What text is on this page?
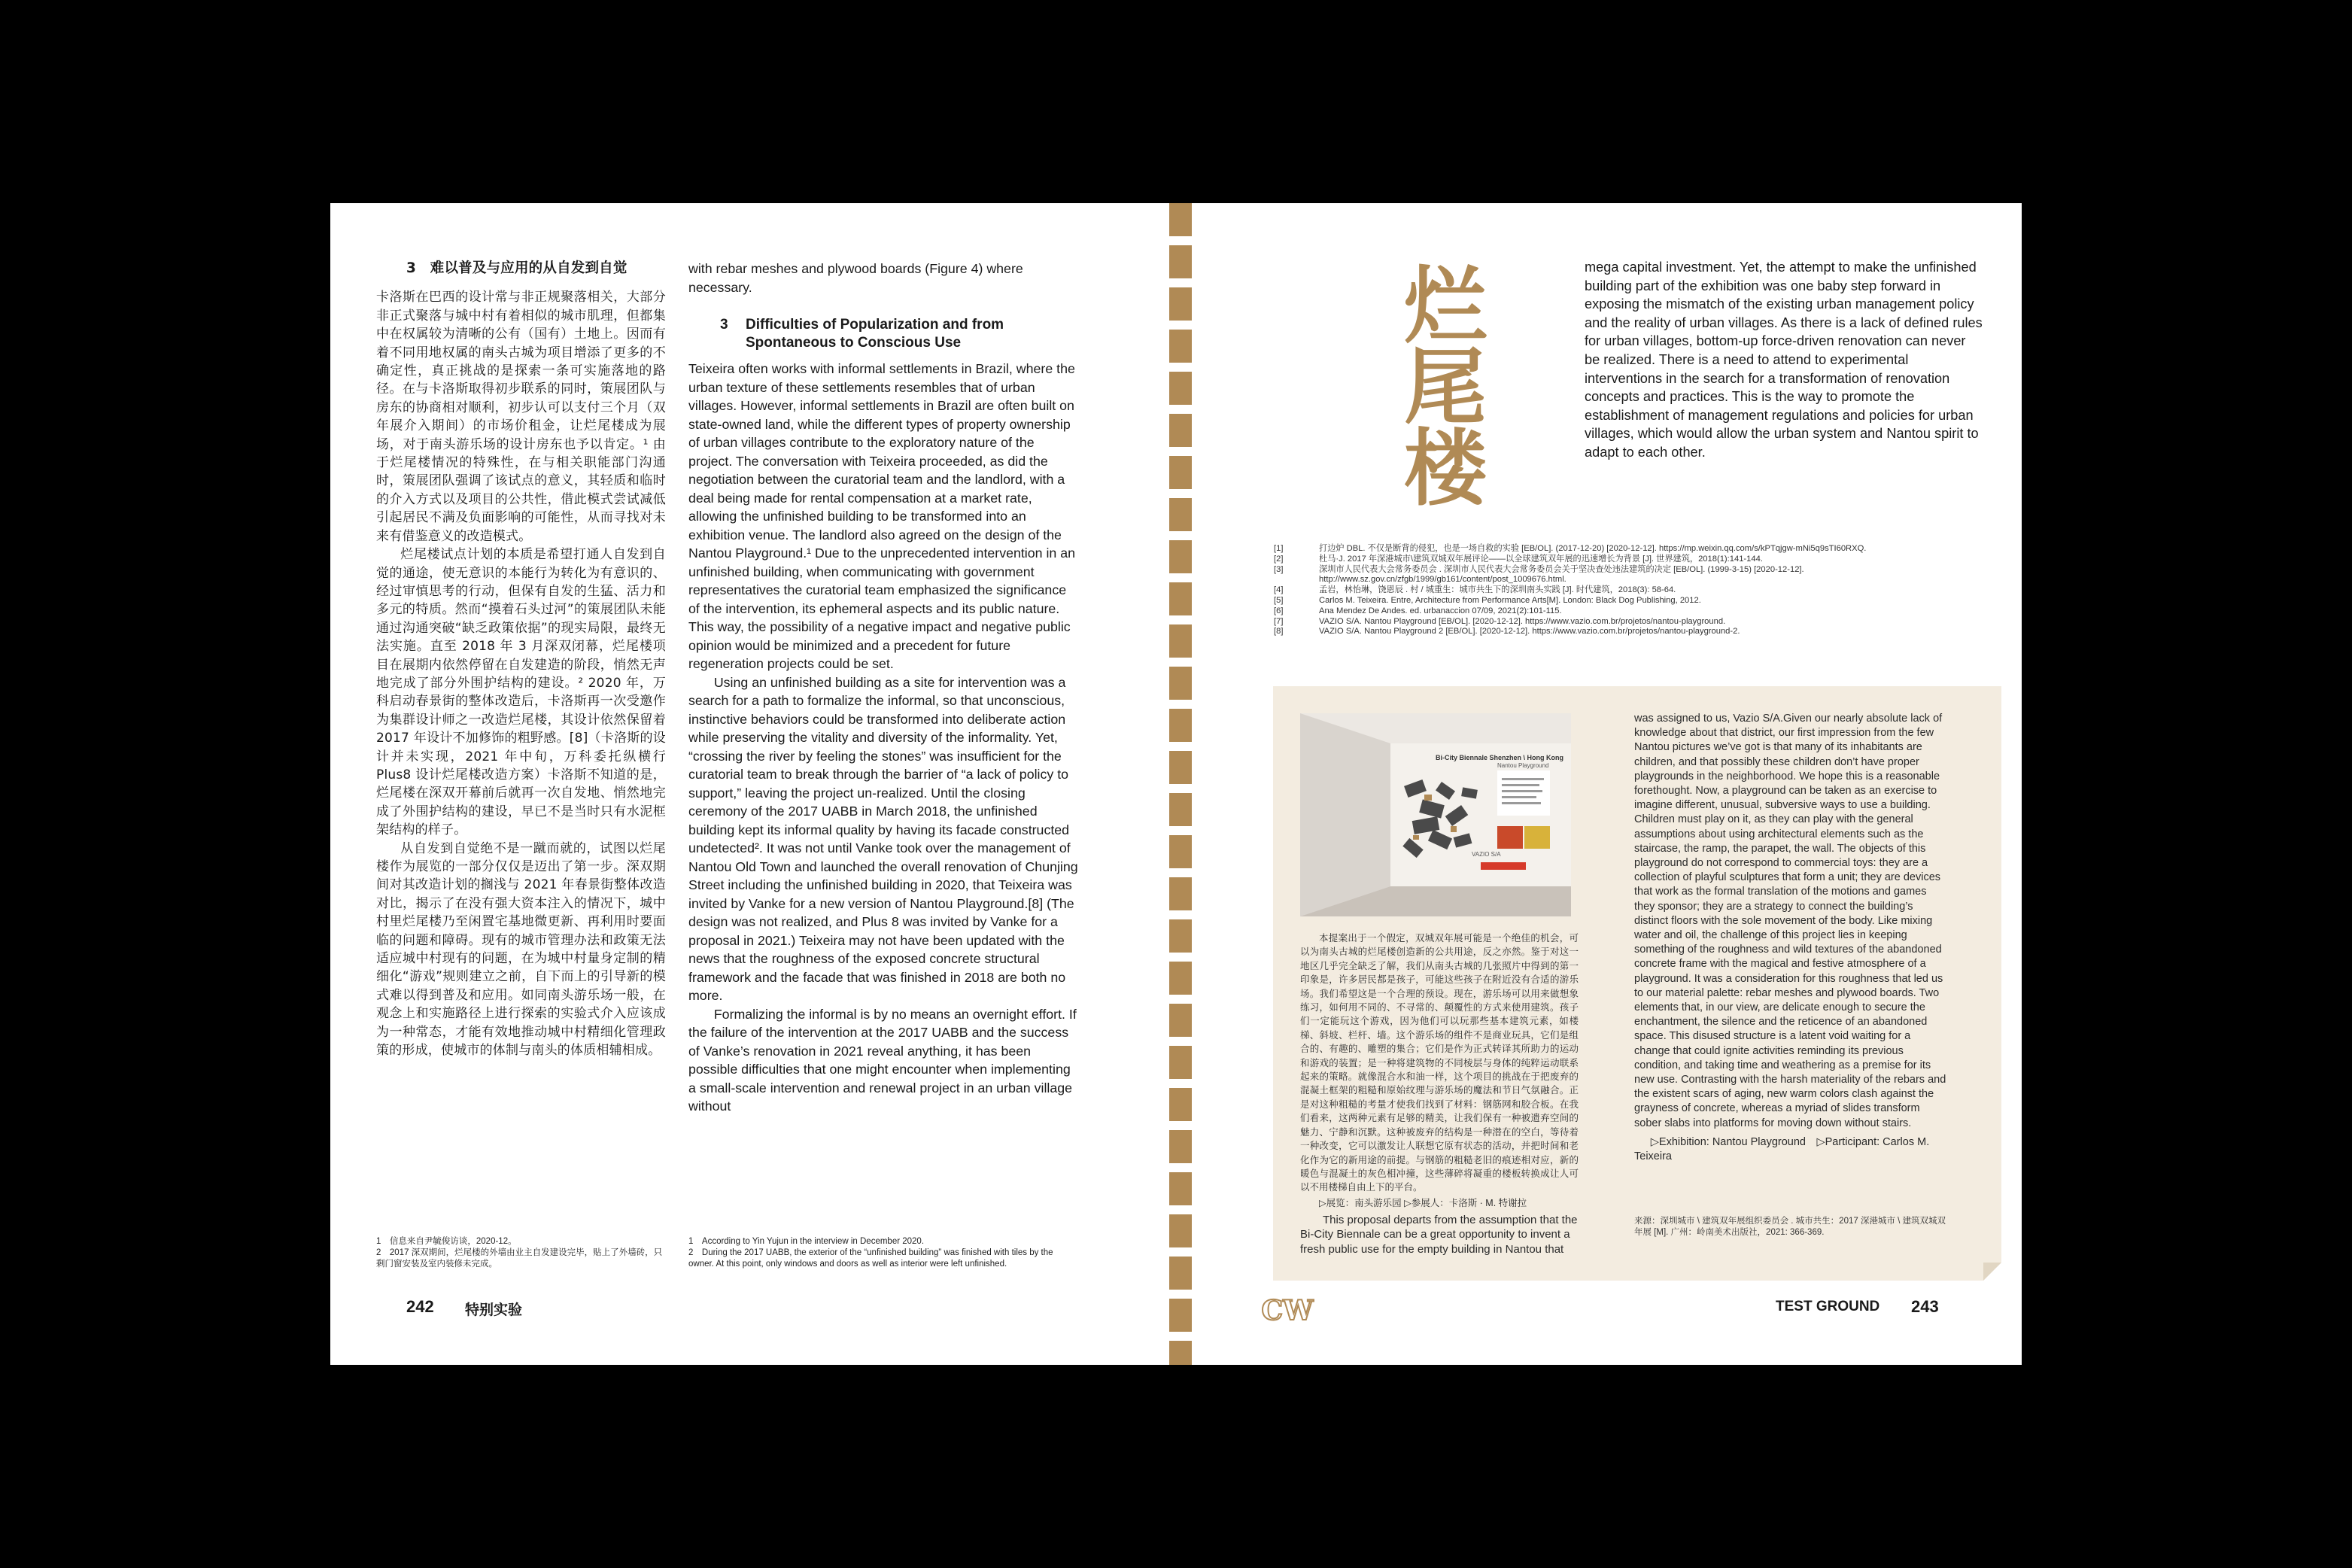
3　难以普及与应用的从自发到自觉

卡洛斯在巴西的设计常与非正规聚落相关，大部分非正式聚落与城中村有着相似的城市肌理，但都集中在权属较为清晰的公有（国有）土地上。因而有着不同用地权属的南头古城为项目增添了更多的不确定性，真正挑战的是探索一条可实施落地的路径。在与卡洛斯取得初步联系的同时，策展团队与房东的协商相对顺利，初步认可以支付三个月（双年展介入期间）的市场价租金，让烂尾楼成为展场，对于南头游乐场的设计房东也予以肯定。¹ 由于烂尾楼情况的特殊性，在与相关职能部门沟通时，策展团队强调了该试点的意义，其轻质和临时的介入方式以及项目的公共性，借此模式尝试减低引起居民不满及负面影响的可能性，从而寻找对未来有借鉴意义的改造模式。

烂尾楼试点计划的本质是希望打通人自发到自觉的通途，使无意识的本能行为转化为有意识的、经过审慎思考的行动，但保有自发的生猛、活力和多元的特质。然而“摸着石头过河”的策展团队未能通过沟通突破“缺乏政策依据”的现实局限，最终无法实施。直至 2018 年 3 月深双闭幕，烂尾楼项目在展期内依然停留在自发建造的阶段，悄然无声地完成了部分外围护结构的建设。² 2020 年，万科启动春景街的整体改造后，卡洛斯再一次受邀作为集群设计师之一改造烂尾楼，其设计依然保留着 2017 年设计不加修饰的粗野感。[8]（卡洛斯的设计并未实现，2021 年中旬，万科委托纵横行 Plus8 设计烂尾楼改造方案）卡洛斯不知道的是，烂尾楼在深双开幕前后就再一次自发地、悄然地完成了外围护结构的建设，早已不是当时只有水泥框架结构的样子。

从自发到自觉绝不是一蹴而就的，试图以烂尾楼作为展览的一部分仅仅是迈出了第一步。深双期间对其改造计划的搁浅与 2021 年春景街整体改造对比，揭示了在没有强大资本注入的情况下，城中村里烂尾楼乃至闲置宅基地微更新、再利用时要面临的问题和障碍。现有的城市管理办法和政策无法适应城中村现有的问题，在为城中村量身定制的精细化“游戏”规则建立之前，自下而上的引导新的模式难以得到普及和应用。如同南头游乐场一般，在观念上和实施路径上进行探索的实验式介入应该成为一种常态，才能有效地推动城中村精细化管理政策的形成，使城市的体制与南头的体质相辅相成。

with rebar meshes and plywood boards (Figure 4) where necessary.

3	Difficulties of Popularization and from Spontaneous to Conscious Use

Teixeira often works with informal settlements in Brazil, where the urban texture of these settlements resembles that of urban villages. However, informal settlements in Brazil are often built on state-owned land, while the different types of property ownership of urban villages contribute to the exploratory nature of the project. The conversation with Teixeira proceeded, as did the negotiation between the curatorial team and the landlord, with a deal being made for rental compensation at a market rate, allowing the unfinished building to be transformed into an exhibition venue. The landlord also agreed on the design of the Nantou Playground.¹ Due to the unprecedented intervention in an unfinished building, when communicating with government representatives the curatorial team emphasized the significance of the intervention, its ephemeral aspects and its public nature. This way, the possibility of a negative impact and negative public opinion would be minimized and a precedent for future regeneration projects could be set.

Using an unfinished building as a site for intervention was a search for a path to formalize the informal, so that unconscious, instinctive behaviors could be transformed into deliberate action while preserving the vitality and diversity of the informality. Yet, “crossing the river by feeling the stones” was insufficient for the curatorial team to break through the barrier of “a lack of policy to support,” leaving the project un-realized. Until the closing ceremony of the 2017 UABB in March 2018, the unfinished building kept its informal quality by having its facade constructed undetected². It was not until Vanke took over the management of Nantou Old Town and launched the overall renovation of Chunjing Street including the unfinished building in 2020, that Teixeira was invited by Vanke for a new version of Nantou Playground.[8] (The design was not realized, and Plus 8 was invited by Vanke for a proposal in 2021.) Teixeira may not have been updated with the news that the roughness of the exposed concrete structural framework and the facade that was finished in 2018 are both no more.

Formalizing the informal is by no means an overnight effort. If the failure of the intervention at the 2017 UABB and the success of Vanke’s renovation in 2021 reveal anything, it has been possible difficulties that one might encounter when implementing a small-scale intervention and renewal project in an urban village without

1　信息来自尹毓俊访谈，2020-12。
2　2017 深双期间，烂尾楼的外墙由业主自发建设完毕，贴上了外墙砖，只剩门窗安装及室内装修未完成。
1　According to Yin Yujun in the interview in December 2020.
2　During the 2017 UABB, the exterior of the “unfinished building” was finished with tiles by the owner. At this point, only windows and doors as well as interior were left unfinished.
242 特别实验
烂
尾
楼
mega capital investment. Yet, the attempt to make the unfinished building part of the exhibition was one baby step forward in exposing the mismatch of the existing urban management policy and the reality of urban villages. As there is a lack of defined rules for urban villages, bottom-up force-driven renovation can never be realized. There is a need to attend to experimental interventions in the search for a transformation of renovation concepts and practices. This is the way to promote the establishment of management regulations and policies for urban villages, which would allow the urban system and Nantou spirit to adapt to each other.
[1]	打边炉 DBL. 不仅是断背的侵犯，也是一场自救的实验 [EB/OL]. (2017-12-20) [2020-12-12]. https://mp.weixin.qq.com/s/kPTqjgw-mNi5q9sTI60RXQ.
[2]	杜马·J. 2017 年深港城市\建筑双城双年展评论——以全球建筑双年展的迅速增长为背景 [J]. 世界建筑，2018(1):141-144.
[3]	深圳市人民代表大会常务委员会 . 深圳市人民代表大会常务委员会关于坚决查处违法建筑的决定 [EB/OL]. (1999-3-15) [2020-12-12]. http://www.sz.gov.cn/zfgb/1999/gb161/content/post_1009676.html.
[4]	孟岩，林怡琳，饶恩辰 . 村 / 城重生：城市共生下的深圳南头实践 [J]. 时代建筑，2018(3): 58-64.
[5]	Carlos M. Teixeira. Entre, Architecture from Performance Arts[M]. London: Black Dog Publishing, 2012.
[6]	Ana Mendez De Andes. ed. urbanaccion 07/09, 2021(2):101-115.
[7]	VAZIO S/A. Nantou Playground [EB/OL]. [2020-12-12]. https://www.vazio.com.br/projetos/nantou-playground.
[8]	VAZIO S/A. Nantou Playground 2 [EB/OL]. [2020-12-12]. https://www.vazio.com.br/projetos/nantou-playground-2.
Bi-City Biennale Shenzhen \ Hong Kong
Nantou Playground
VAZIO S/A
本提案出于一个假定，双城双年展可能是一个绝佳的机会，可以为南头古城的烂尾楼创造新的公共用途，反之亦然。鉴于对这一地区几乎完全缺乏了解，我们从南头古城的几张照片中得到的第一印象是，许多居民都是孩子，可能这些孩子在附近没有合适的游乐场。我们希望这是一个合理的预设。现在，游乐场可以用来做想象练习，如何用不同的、不寻常的、颠覆性的方式来使用建筑。孩子们一定能玩这个游戏，因为他们可以玩那些基本建筑元素，如楼梯、斜坡、栏杆、墙。这个游乐场的组件不是商业玩具，它们是组合的、有趣的、雕塑的集合；它们是作为正式转译其所助力的运动和游戏的装置；是一种将建筑物的不同棱层与身体的纯粹运动联系起来的策略。就像混合水和油一样，这个项目的挑战在于把废弃的混凝土框架的粗糙和原始纹理与游乐场的魔法和节日气氛融合。正是对这种粗糙的考量才使我们找到了材料：钢筋网和胶合板。在我们看来，这两种元素有足够的精美，让我们保有一种被遗弃空间的魅力、宁静和沉默。这种被废弃的结构是一种潜在的空白，等待着一种改变，它可以激发让人联想它原有状态的活动，并把时间和老化作为它的新用途的前提。与钢筋的粗糙老旧的痕迹相对应，新的暖色与混凝土的灰色相冲撞，这些薄碎将凝重的楼板转换成让人可以不用楼梯自由上下的平台。
▷展览：南头游乐园 ▷参展人：卡洛斯 · M. 特谢拉
This proposal departs from the assumption that the Bi-City Biennale can be a great opportunity to invent a fresh public use for the empty building in Nantou that
was assigned to us, Vazio S/A.Given our nearly absolute lack of knowledge about that district, our first impression from the few Nantou pictures we’ve got is that many of its inhabitants are children, and that possibly these children don’t have proper playgrounds in the neighborhood. We hope this is a reasonable forethought. Now, a playground can be taken as an exercise to imagine different, unusual, subversive ways to use a building. Children must play on it, as they can play with the general assumptions about using architectural elements such as the staircase, the ramp, the parapet, the wall. The objects of this playground do not correspond to commercial toys: they are a collection of playful sculptures that form a unit; they are devices that work as the formal translation of the motions and games they sponsor; they are a strategy to connect the building’s distinct floors with the sole movement of the body. Like mixing water and oil, the challenge of this project lies in keeping something of the roughness and wild textures of the abandoned concrete frame with the magical and festive atmosphere of a playground. It was a consideration for this roughness that led us to our material palette: rebar meshes and plywood boards. Two elements that, in our view, are delicate enough to secure the enchantment, the silence and the reticence of an abandoned space. This disused structure is a latent void waiting for a change that could ignite activities reminding its previous condition, and taking time and weathering as a premise for its new use. Contrasting with the harsh materiality of the rebars and the existent scars of aging, new warm colors clash against the grayness of concrete, whereas a myriad of slides transform sober slabs into platforms for moving down without stairs.
▷Exhibition: Nantou Playground　▷Participant: Carlos M. Teixeira
来源：深圳城市 \ 建筑双年展组织委员会 . 城市共生：2017 深港城市 \ 建筑双城双年展 [M]. 广州：岭南美术出版社，2021: 366-369.
CW	TEST GROUND 243
